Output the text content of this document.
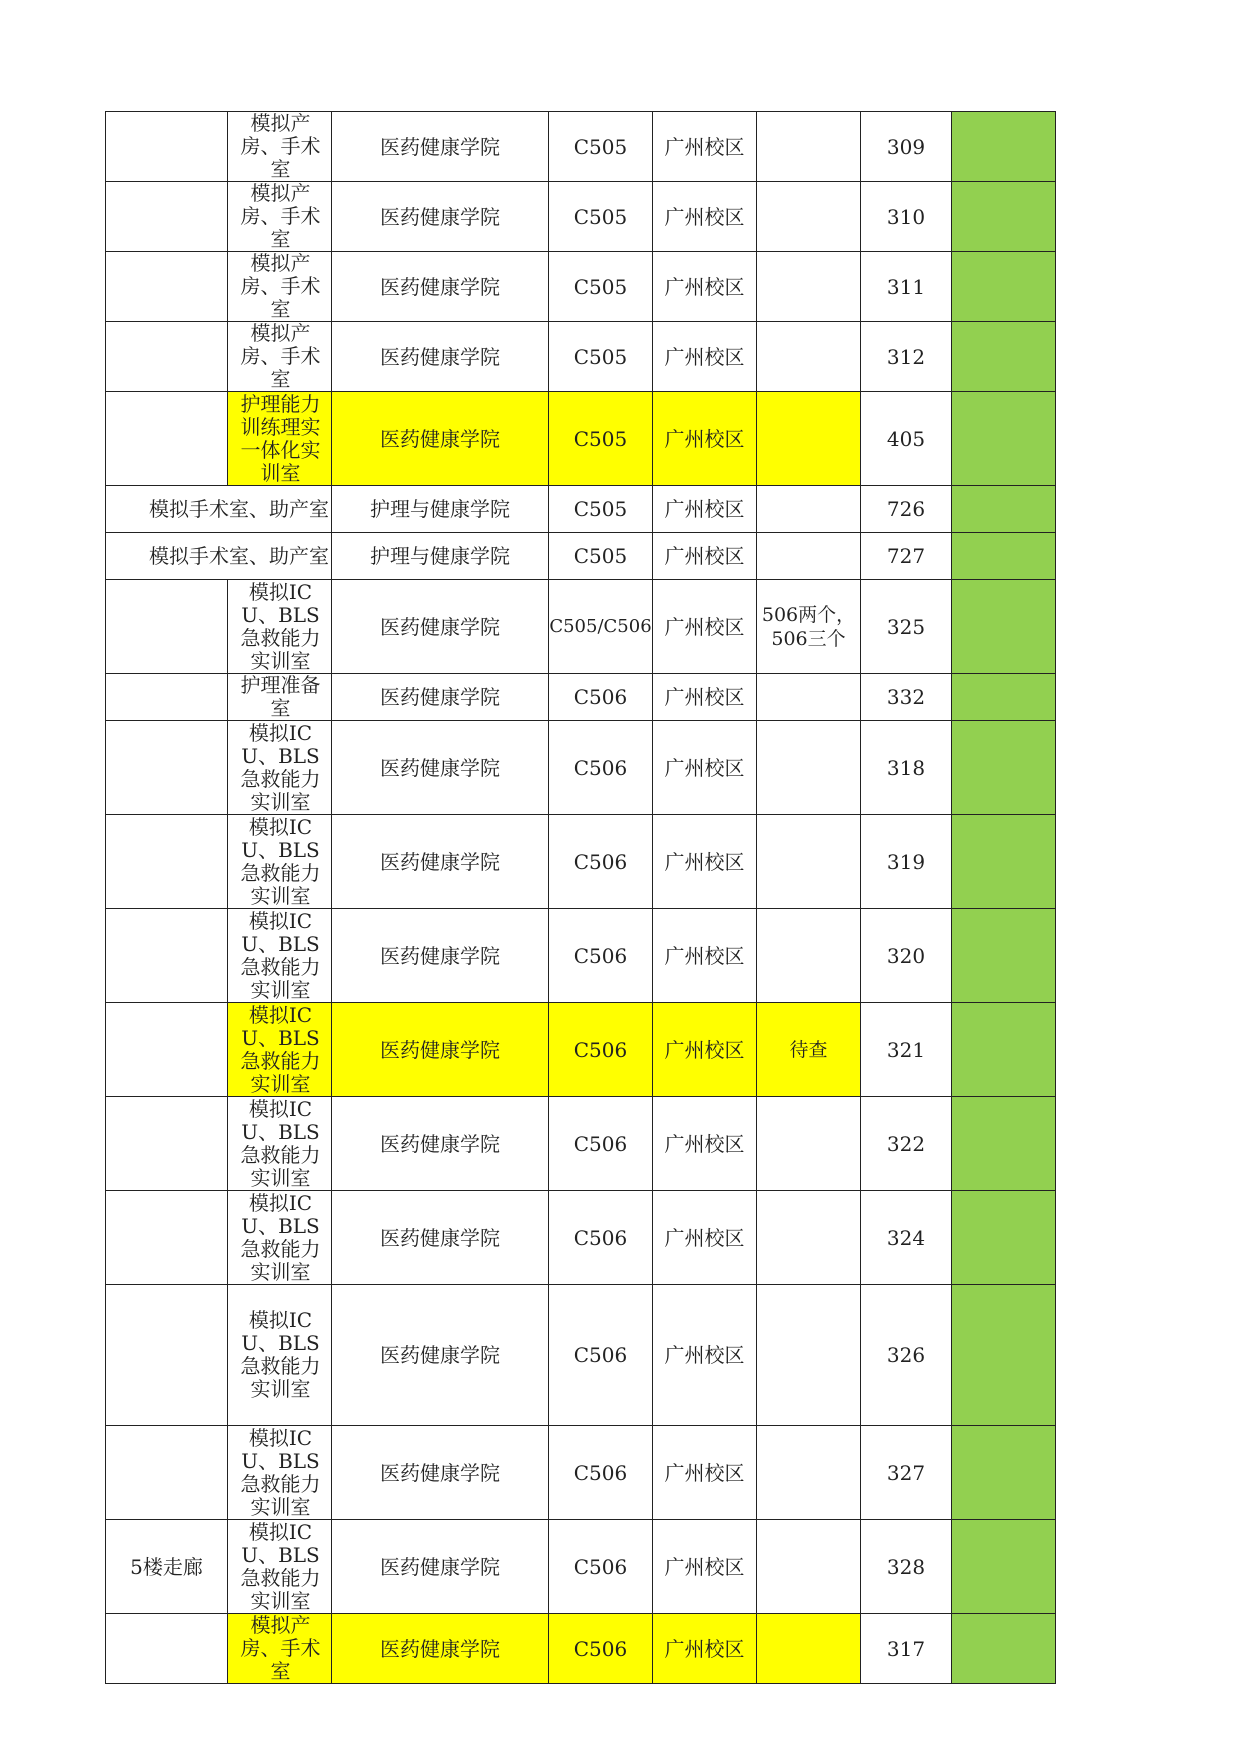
	模拟产房、手术室	医药健康学院	C505	广州校区		309	
	模拟产房、手术室	医药健康学院	C505	广州校区		310	
	模拟产房、手术室	医药健康学院	C505	广州校区		311	
	模拟产房、手术室	医药健康学院	C505	广州校区		312	
	护理能力训练理实一体化实训室	医药健康学院	C505	广州校区		405	
模拟手术室、助产室		护理与健康学院	C505	广州校区		726	
模拟手术室、助产室		护理与健康学院	C505	广州校区		727	
	模拟ICU、BLS急救能力实训室	医药健康学院	C505/C506	广州校区	506两个，506三个	325	
	护理准备室	医药健康学院	C506	广州校区		332	
	模拟ICU、BLS急救能力实训室	医药健康学院	C506	广州校区		318	
	模拟ICU、BLS急救能力实训室	医药健康学院	C506	广州校区		319	
	模拟ICU、BLS急救能力实训室	医药健康学院	C506	广州校区		320	
	模拟ICU、BLS急救能力实训室	医药健康学院	C506	广州校区	待查	321	
	模拟ICU、BLS急救能力实训室	医药健康学院	C506	广州校区		322	
	模拟ICU、BLS急救能力实训室	医药健康学院	C506	广州校区		324	
	模拟ICU、BLS急救能力实训室	医药健康学院	C506	广州校区		326	
	模拟ICU、BLS急救能力实训室	医药健康学院	C506	广州校区		327	
5楼走廊	模拟ICU、BLS急救能力实训室	医药健康学院	C506	广州校区		328	
	模拟产房、手术室	医药健康学院	C506	广州校区		317	
